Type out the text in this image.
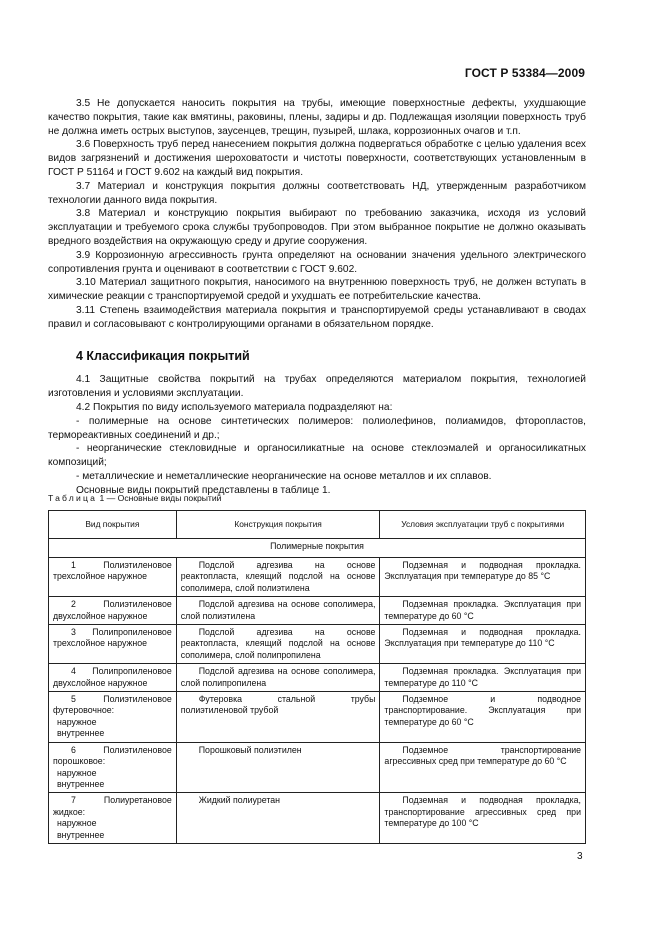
ГОСТ Р 53384—2009

3.5 Не допускается наносить покрытия на трубы, имеющие поверхностные дефекты, ухудшающие качество покрытия, такие как вмятины, раковины, плены, задиры и др. Подлежащая изоляции поверхность труб не должна иметь острых выступов, заусенцев, трещин, пузырей, шлака, коррозионных очагов и т.п.

3.6 Поверхность труб перед нанесением покрытия должна подвергаться обработке с целью удаления всех видов загрязнений и достижения шероховатости и чистоты поверхности, соответствующих установленным в ГОСТ Р 51164 и ГОСТ 9.602 на каждый вид покрытия.

3.7 Материал и конструкция покрытия должны соответствовать НД, утвержденным разработчиком технологии данного вида покрытия.

3.8 Материал и конструкцию покрытия выбирают по требованию заказчика, исходя из условий эксплуатации и требуемого срока службы трубопроводов. При этом выбранное покрытие не должно оказывать вредного воздействия на окружающую среду и другие сооружения.

3.9 Коррозионную агрессивность грунта определяют на основании значения удельного электрического сопротивления грунта и оценивают в соответствии с ГОСТ 9.602.

3.10 Материал защитного покрытия, наносимого на внутреннюю поверхность труб, не должен вступать в химические реакции с транспортируемой средой и ухудшать ее потребительские качества.

3.11 Степень взаимодействия материала покрытия и транспортируемой среды устанавливают в сводах правил и согласовывают с контролирующими органами в обязательном порядке.

4 Классификация покрытий

4.1 Защитные свойства покрытий на трубах определяются материалом покрытия, технологией изготовления и условиями эксплуатации.

4.2 Покрытия по виду используемого материала подразделяют на:

- полимерные на основе синтетических полимеров: полиолефинов, полиамидов, фторопластов, термореактивных соединений и др.;

- неорганические стекловидные и органосиликатные на основе стеклоэмалей и органосиликатных композиций;

- металлические и неметаллические неорганические на основе металлов и их сплавов.

Основные виды покрытий представлены в таблице 1.

Таблица 1 — Основные виды покрытий
Вид покрытия	Конструкция покрытия	Условия эксплуатации труб с покрытиями
Полимерные покрытия		

1 Полиэтиленовое трехслойное наружное	Подслой адгезива на основе реактопласта, клеящий подслой на основе сополимера, слой полиэтилена	Подземная и подводная прокладка. Эксплуатация при температуре до 85 °С

2 Полиэтиленовое двухслойное наружное	Подслой адгезива на основе сополимера, слой полиэтилена	Подземная прокладка. Эксплуатация при температуре до 60 °С

3 Полипропиленовое трехслойное наружное	Подслой адгезива на основе реактопласта, клеящий подслой на основе сополимера, слой полипропилена	Подземная и подводная прокладка. Эксплуатация при температуре до 110 °С

4 Полипропиленовое двухслойное наружное	Подслой адгезива на основе сополимера, слой полипропилена	Подземная прокладка. Эксплуатация при температуре до 110 °С

5 Полиэтиленовое футеровочное:
наружное
внутреннее	Футеровка стальной трубы полиэтиленовой трубой	Подземное и подводное транспортирование. Эксплуатация при температуре до 60 °С

6 Полиэтиленовое порошковое:
наружное
внутреннее	Порошковый полиэтилен	Подземное транспортирование агрессивных сред при температуре до 60 °С

7 Полиуретановое жидкое:
наружное
внутреннее	Жидкий полиуретан	Подземная и подводная прокладка, транспортирование агрессивных сред при температуре до 100 °С
3
